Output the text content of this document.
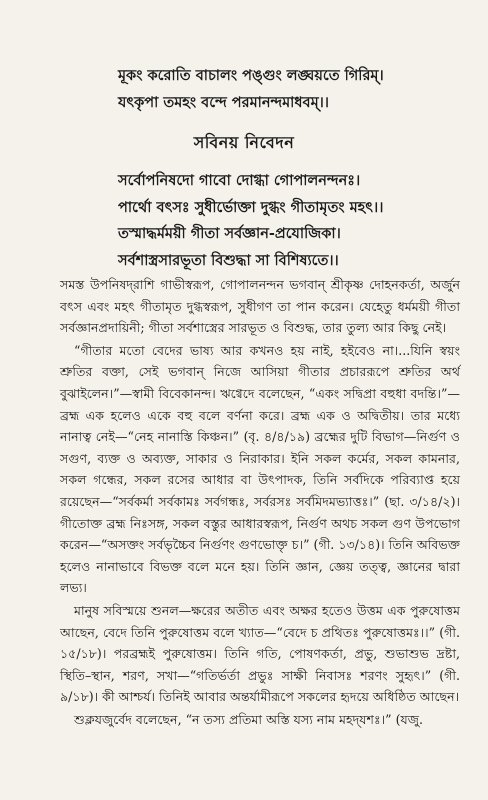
মূকং করোতি বাচালং পঙ্গুং লঙ্ঘয়তে গিরিম্।
যৎকৃপা তমহং বন্দে পরমানন্দমাধবম্।।
সবিনয় নিবেদন
সর্বোপনিষদো গাবো দোগ্ধা গোপালনন্দনঃ।
পার্থো বৎসঃ সুধীর্ভোক্তা দুগ্ধং গীতামৃতং মহৎ।।
তস্মাদ্ধর্মময়ী গীতা সর্বজ্ঞান-প্রযোজিকা।
সর্বশাস্ত্রসারভূতা বিশুদ্ধা সা বিশিষ্যতে।।

সমস্ত উপনিষদ্‌রাশি গাভীস্বরূপ, গোপালনন্দন ভগবান্ শ্রীকৃষ্ণ দোহনকর্তা, অর্জুন বৎস এবং মহৎ গীতামৃত দুগ্ধস্বরূপ, সুধীগণ তা পান করেন। যেহেতু ধর্মময়ী গীতা সর্বজ্ঞানপ্রদায়িনী; গীতা সর্বশাস্ত্রের সারভূত ও বিশুদ্ধ, তার তুল্য আর কিছু নেই।

“গীতার মতো বেদের ভাষ্য আর কখনও হয় নাই, হইবেও না।...যিনি স্বয়ং শ্রুতির বক্তা, সেই ভগবান্ নিজে আসিয়া গীতার প্রচাররূপে শ্রুতির অর্থ বুঝাইলেন।”—স্বামী বিবেকানন্দ। ঋগ্বেদে বলেছেন, “একং সদ্বিপ্রা বহুধা বদন্তি।”—ব্রহ্ম এক হলেও একে বহু বলে বর্ণনা করে। ব্রহ্ম এক ও অদ্বিতীয়। তার মধ্যে নানাত্ব নেই—“নেহ নানাস্তি কিঞ্চন।” (বৃ. ৪/৪/১৯) ব্রহ্মের দুটি বিভাগ—নির্গুণ ও সগুণ, ব্যক্ত ও অব্যক্ত, সাকার ও নিরাকার। ইনি সকল কর্মের, সকল কামনার, সকল গন্ধের, সকল রসের আধার বা উৎপাদক, তিনি সর্বদিকে পরিব্যাপ্ত হয়ে রয়েছেন—“সর্বকর্মা সর্বকামঃ সর্বগন্ধঃ, সর্বরসঃ সর্বমিদমভ্যাত্তঃ।” (ছা. ৩/১৪/২)। গীতোক্ত ব্রহ্ম নিঃসঙ্গ, সকল বস্তুর আধারস্বরূপ, নির্গুণ অথচ সকল গুণ উপভোগ করেন—“অসক্তং সর্বভৃচ্চৈব নির্গুণং গুণভোক্তৃ চ।” (গী. ১৩/১৪)। তিনি অবিভক্ত হলেও নানাভাবে বিভক্ত বলে মনে হয়। তিনি জ্ঞান, জ্ঞেয় তত্ত্ব, জ্ঞানের দ্বারা লভ্য।

মানুষ সবিস্ময়ে শুনল—ক্ষরের অতীত এবং অক্ষর হতেও উত্তম এক পুরুষোত্তম আছেন, বেদে তিনি পুরুষোত্তম বলে খ্যাত—“বেদে চ প্রথিতঃ পুরুষোত্তমঃ।।” (গী. ১৫/১৮)। পরব্রহ্মই পুরুষোত্তম। তিনি গতি, পোষণকর্তা, প্রভু, শুভাশুভ দ্রষ্টা, স্থিতি–স্থান, শরণ, সখা—“গতির্ভর্তা প্রভুঃ সাক্ষী নিবাসঃ শরণং সুহৃৎ।” (গী. ৯/১৮)। কী আশ্চর্য। তিনিই আবার অন্তর্যামীরূপে সকলের হৃদয়ে অধিষ্ঠিত আছেন।

শুক্লযজুর্বেদ বলেছেন, “ন তস্য প্রতিমা অস্তি যস্য নাম মহদ্‌যশঃ।” (যজু.
